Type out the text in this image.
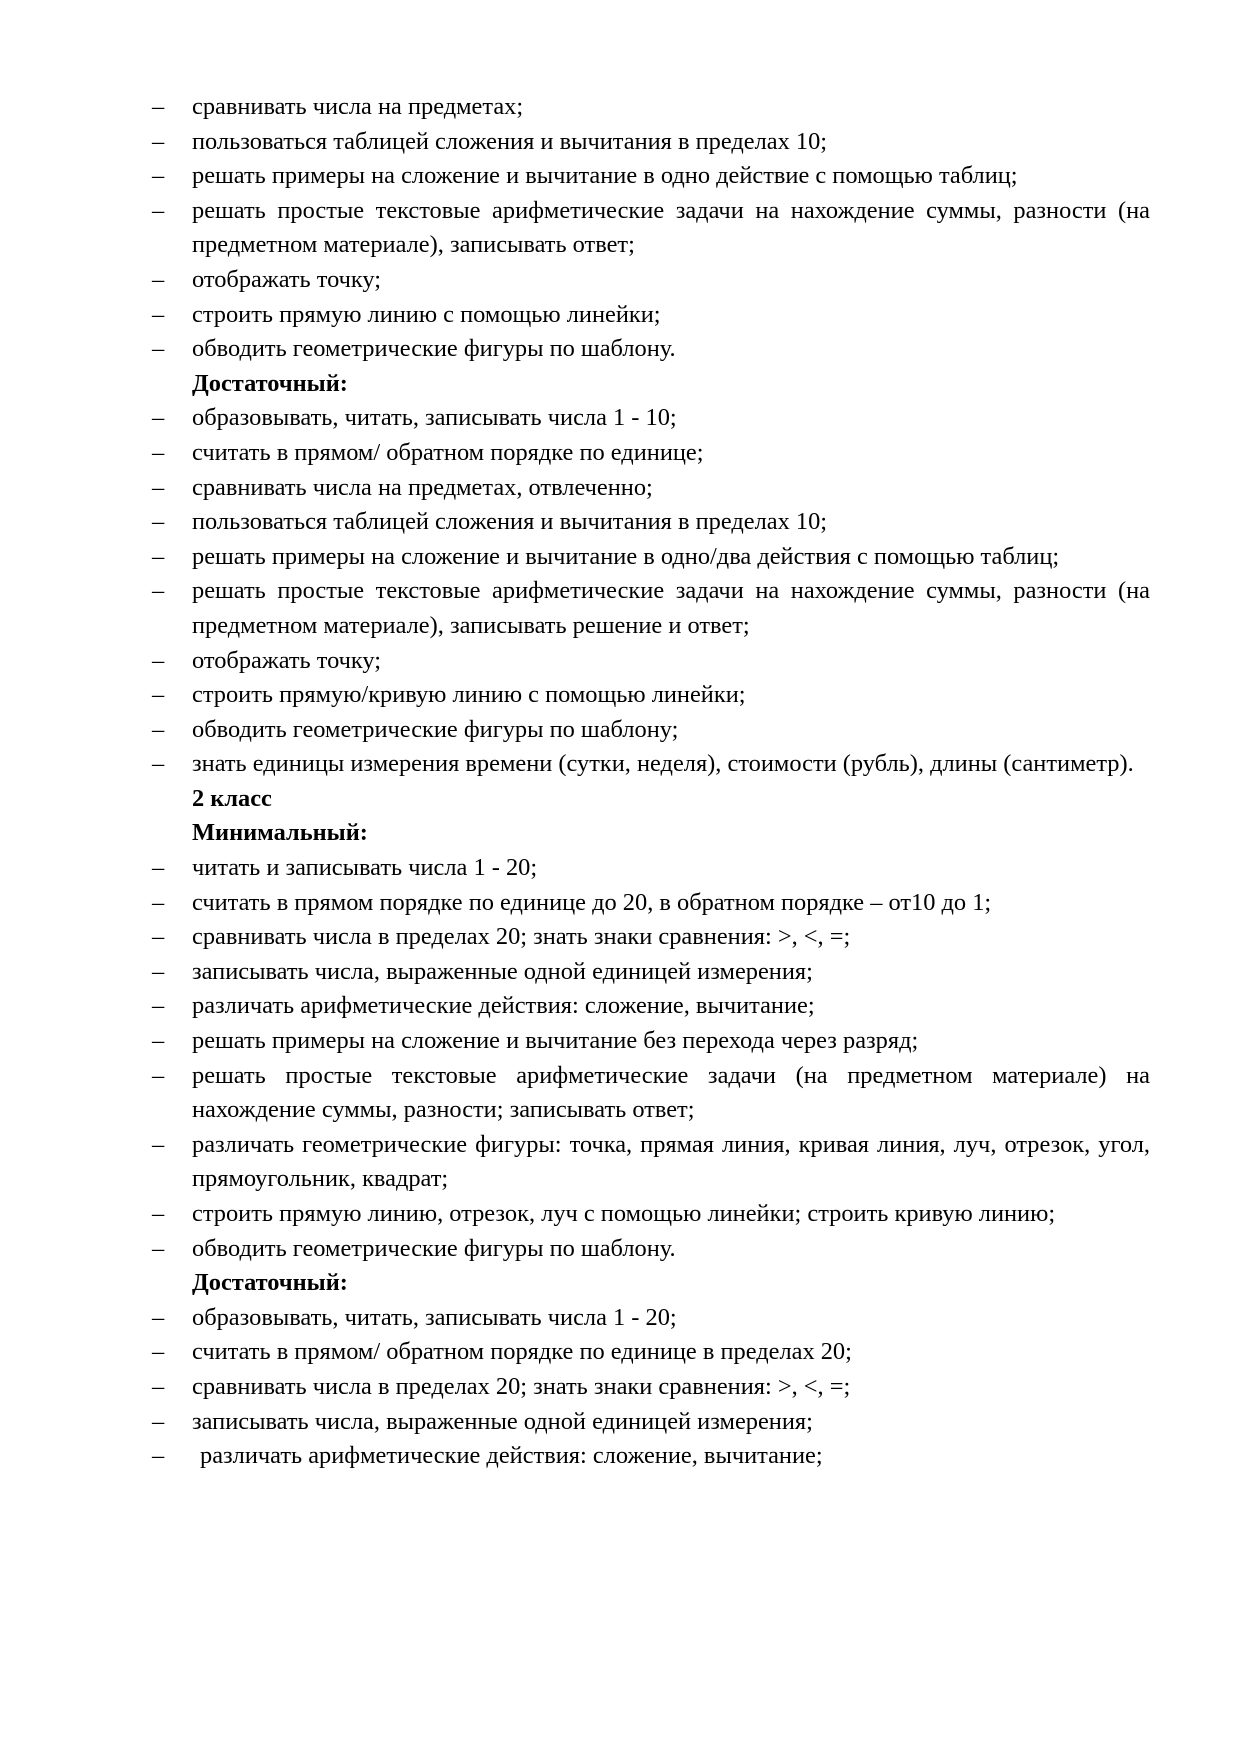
– сравнивать числа на предметах;
– пользоваться таблицей сложения и вычитания в пределах 10;
– решать примеры на сложение и вычитание в одно действие с помощью таблиц;
– решать простые текстовые арифметические задачи на нахождение суммы, разности (на предметном материале), записывать ответ;
– отображать точку;
– строить прямую линию с помощью линейки;
– обводить геометрические фигуры по шаблону.
Достаточный:
– образовывать, читать, записывать числа 1 - 10;
– считать в прямом/ обратном порядке по единице;
– сравнивать числа на предметах, отвлеченно;
– пользоваться таблицей сложения и вычитания в пределах 10;
– решать примеры на сложение и вычитание в одно/два действия с помощью таблиц;
– решать простые текстовые арифметические задачи на нахождение суммы, разности (на предметном материале), записывать решение и ответ;
– отображать точку;
– строить прямую/кривую линию с помощью линейки;
– обводить геометрические фигуры по шаблону;
– знать единицы измерения времени (сутки, неделя), стоимости (рубль), длины (сантиметр).
2 класс
Минимальный:
– читать и записывать числа 1 - 20;
– считать в прямом порядке по единице до 20, в обратном порядке – от10 до 1;
– сравнивать числа в пределах 20; знать знаки сравнения: >, <, =;
– записывать числа, выраженные одной единицей измерения;
– различать арифметические действия: сложение, вычитание;
– решать примеры на сложение и вычитание без перехода через разряд;
– решать простые текстовые арифметические задачи (на предметном материале) на нахождение суммы, разности; записывать ответ;
– различать геометрические фигуры: точка, прямая линия, кривая линия, луч, отрезок, угол, прямоугольник, квадрат;
– строить прямую линию, отрезок, луч с помощью линейки; строить кривую линию;
– обводить геометрические фигуры по шаблону.
Достаточный:
– образовывать, читать, записывать числа 1 - 20;
– считать в прямом/ обратном порядке по единице в пределах 20;
– сравнивать числа в пределах 20; знать знаки сравнения: >, <, =;
– записывать числа, выраженные одной единицей измерения;
– различать арифметические действия: сложение, вычитание;
